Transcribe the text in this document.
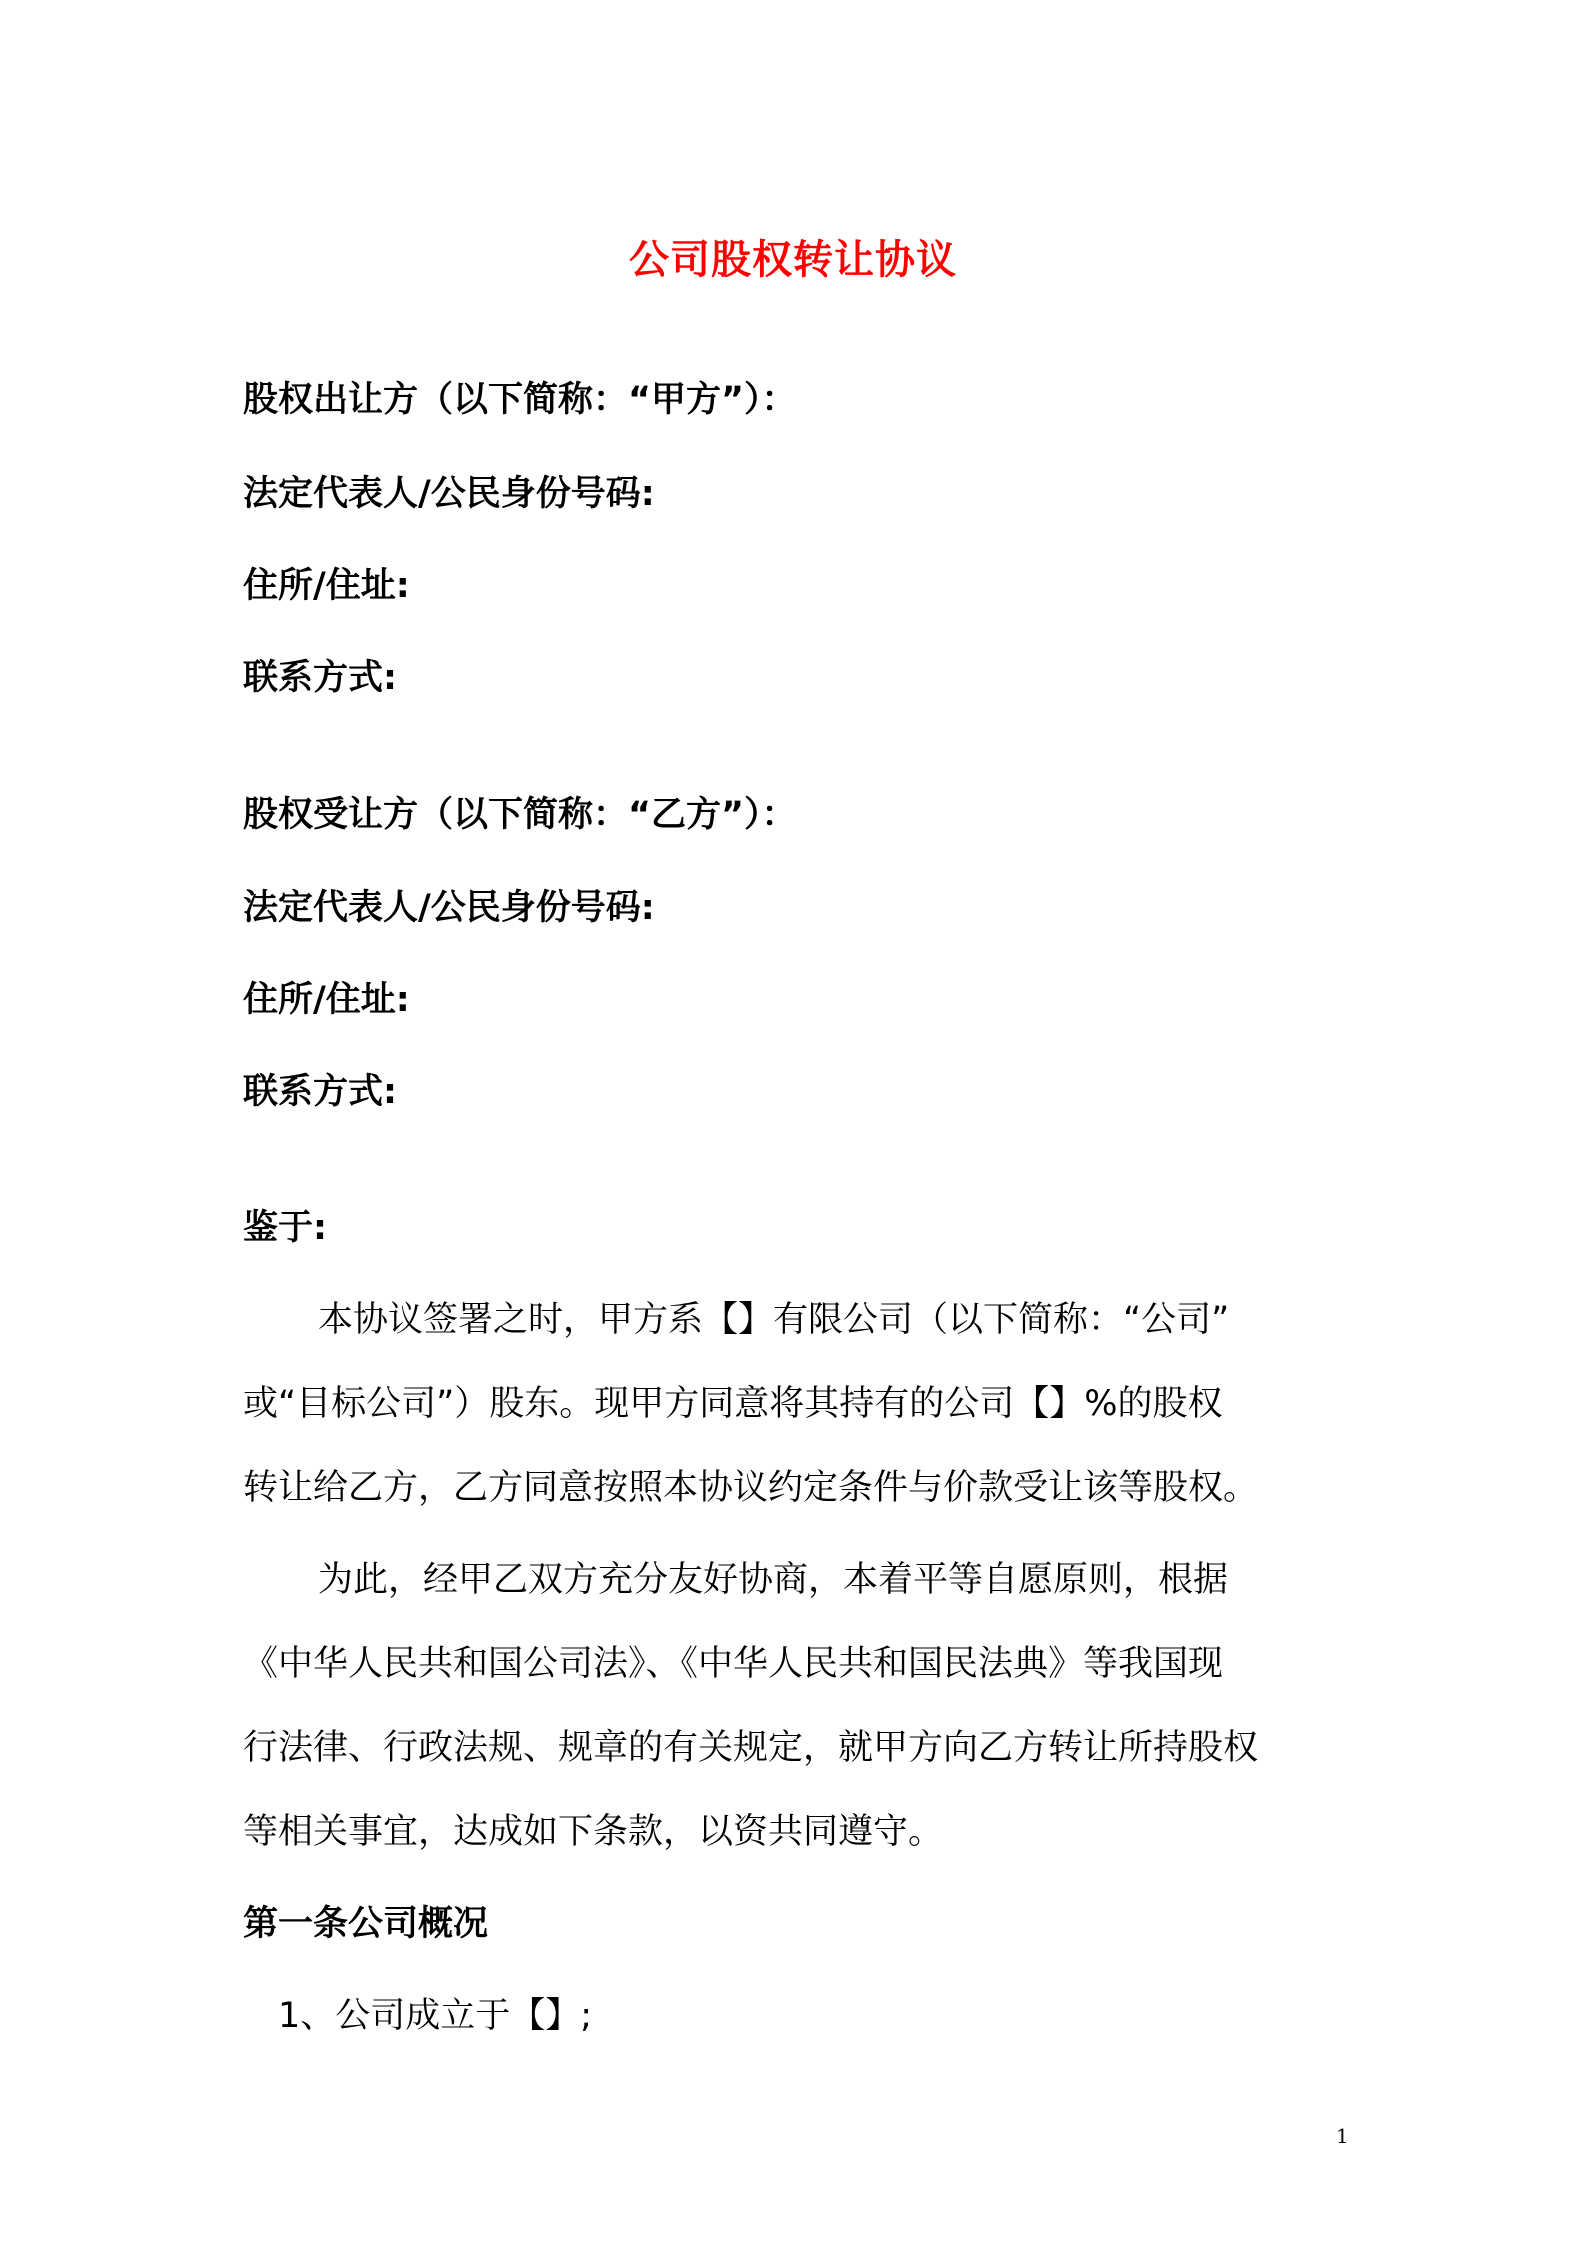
公司股权转让协议
股权出让方（以下简称：“甲方”）：
法定代表人/公民身份号码:
住所/住址:
联系方式:
股权受让方（以下简称：“乙方”）：
法定代表人/公民身份号码:
住所/住址:
联系方式:
鉴于:
本协议签署之时，甲方系【】有限公司（以下简称：“公司”
或“目标公司”）股东。现甲方同意将其持有的公司【】%的股权
转让给乙方，乙方同意按照本协议约定条件与价款受让该等股权。
为此，经甲乙双方充分友好协商，本着平等自愿原则，根据
《中华人民共和国公司法》、《中华人民共和国民法典》等我国现
行法律、行政法规、规章的有关规定，就甲方向乙方转让所持股权
等相关事宜，达成如下条款，以资共同遵守。
第一条公司概况
1、公司成立于【】;
1
